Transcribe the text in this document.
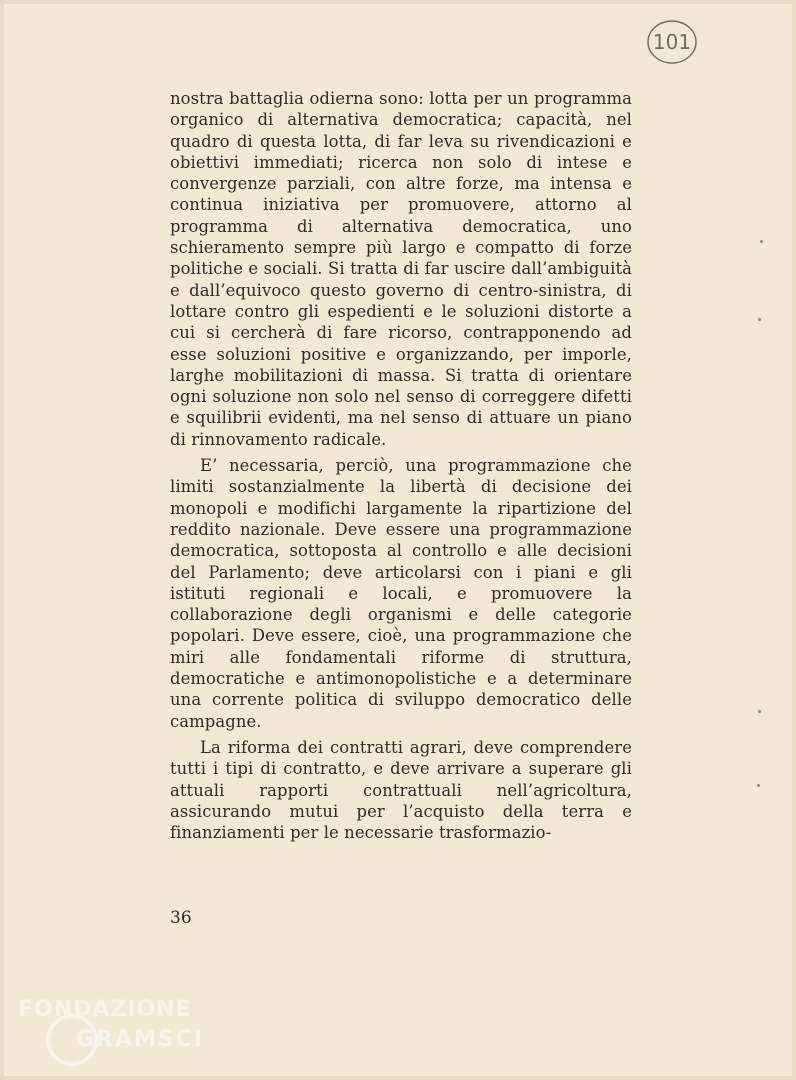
101

nostra battaglia odierna sono: lotta per un programma organico di alternativa democratica; capacità, nel quadro di questa lotta, di far leva su rivendicazioni e obiettivi immediati; ricerca non solo di intese e convergenze parziali, con altre forze, ma intensa e continua iniziativa per promuovere, attorno al programma di alternativa democratica, uno schieramento sempre più largo e compatto di forze politiche e sociali. Si tratta di far uscire dall’ambiguità e dall’equivoco questo governo di centro-sinistra, di lottare contro gli espedienti e le soluzioni distorte a cui si cercherà di fare ricorso, contrapponendo ad esse soluzioni positive e organizzando, per imporle, larghe mobilitazioni di massa. Si tratta di orientare ogni soluzione non solo nel senso di correggere difetti e squilibrii evidenti, ma nel senso di attuare un piano di rinnovamento radicale.

E’ necessaria, perciò, una programmazione che limiti sostanzialmente la libertà di decisione dei monopoli e modifichi largamente la ripartizione del reddito nazionale. Deve essere una programmazione democratica, sottoposta al controllo e alle decisioni del Parlamento; deve articolarsi con i piani e gli istituti regionali e locali, e promuovere la collaborazione degli organismi e delle categorie popolari. Deve essere, cioè, una programmazione che miri alle fondamentali riforme di struttura, democratiche e antimonopolistiche e a determinare una corrente politica di sviluppo democratico delle campagne.

La riforma dei contratti agrari, deve comprendere tutti i tipi di contratto, e deve arrivare a superare gli attuali rapporti contrattuali nell’agricoltura, assicurando mutui per l’acquisto della terra e finanziamenti per le necessarie trasformazio-

36
FONDAZIONE
GRAMSCI
